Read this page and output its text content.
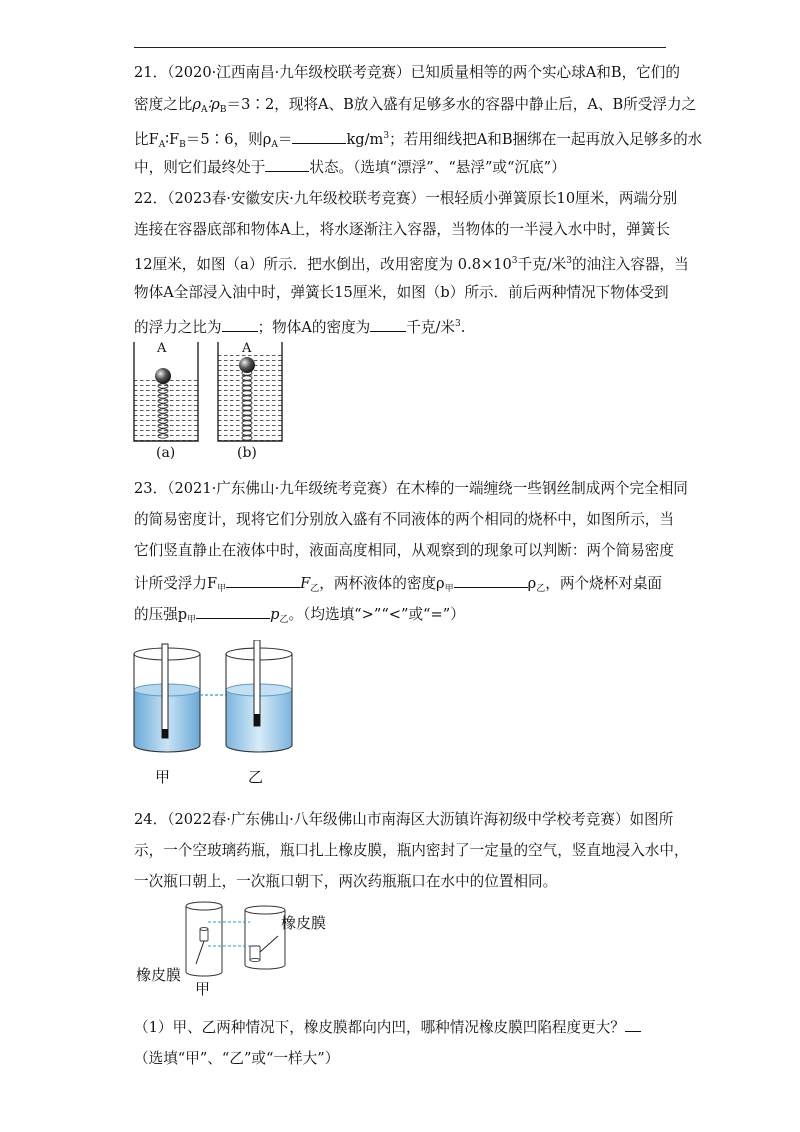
21．（2020·江西南昌·九年级校联考竞赛）已知质量相等的两个实心球A和B，它们的
密度之比$\rho_A∶\rho_B=3∶2$，现将A、B放入盛有足够多水的容器中静止后，A、B所受浮力之
比$F_A∶F_B=5∶6$，则$\rho_A=$	$kg/m^3$；若用细线把A和B捆绑在一起再放入足够多的水
中，则它们最终处于	状态。（选填“漂浮”、“悬浮”或“沉底”）
22．（2023春·安徽安庆·九年级校联考竞赛）一根轻质小弹簧原长10厘米，两端分别
连接在容器底部和物体A上，将水逐渐注入容器，当物体的一半浸入水中时，弹簧长
12厘米，如图（a）所示．把水倒出，改用密度为 $0.8\times 10^3$千克/米$^3$的油注入容器，当
物体A全部浸入油中时，弹簧长15厘米，如图（b）所示．前后两种情况下物体受到
的浮力之比为 ；物体A的密度为 千克/米$^3$.
A	A
(a)	(b)
23．（2021·广东佛山·九年级统考竞赛）在木棒的一端缠绕一些钢丝制成两个完全相同
的简易密度计，现将它们分别放入盛有不同液体的两个相同的烧杯中，如图所示，当
它们竖直静止在液体中时，液面高度相同，从观察到的现象可以判断：两个简易密度
计所受浮力$F_甲$	$F_乙$，两杯液体的密度$\rho_甲$	$\rho_乙$，两个烧杯对桌面
的压强$p_甲$	$p_乙$。（均选填“>”“<”或“=”）
甲	乙
24．（2022春·广东佛山·八年级佛山市南海区大沥镇许海初级中学校考竞赛）如图所
示，一个空玻璃药瓶，瓶口扎上橡皮膜，瓶内密封了一定量的空气，竖直地浸入水中，
一次瓶口朝上，一次瓶口朝下，两次药瓶瓶口在水中的位置相同。
橡皮膜
橡皮膜
甲
（1）甲、乙两种情况下，橡皮膜都向内凹，哪种情况橡皮膜凹陷程度更大？
（选填“甲”、“乙”或“一样大”）
